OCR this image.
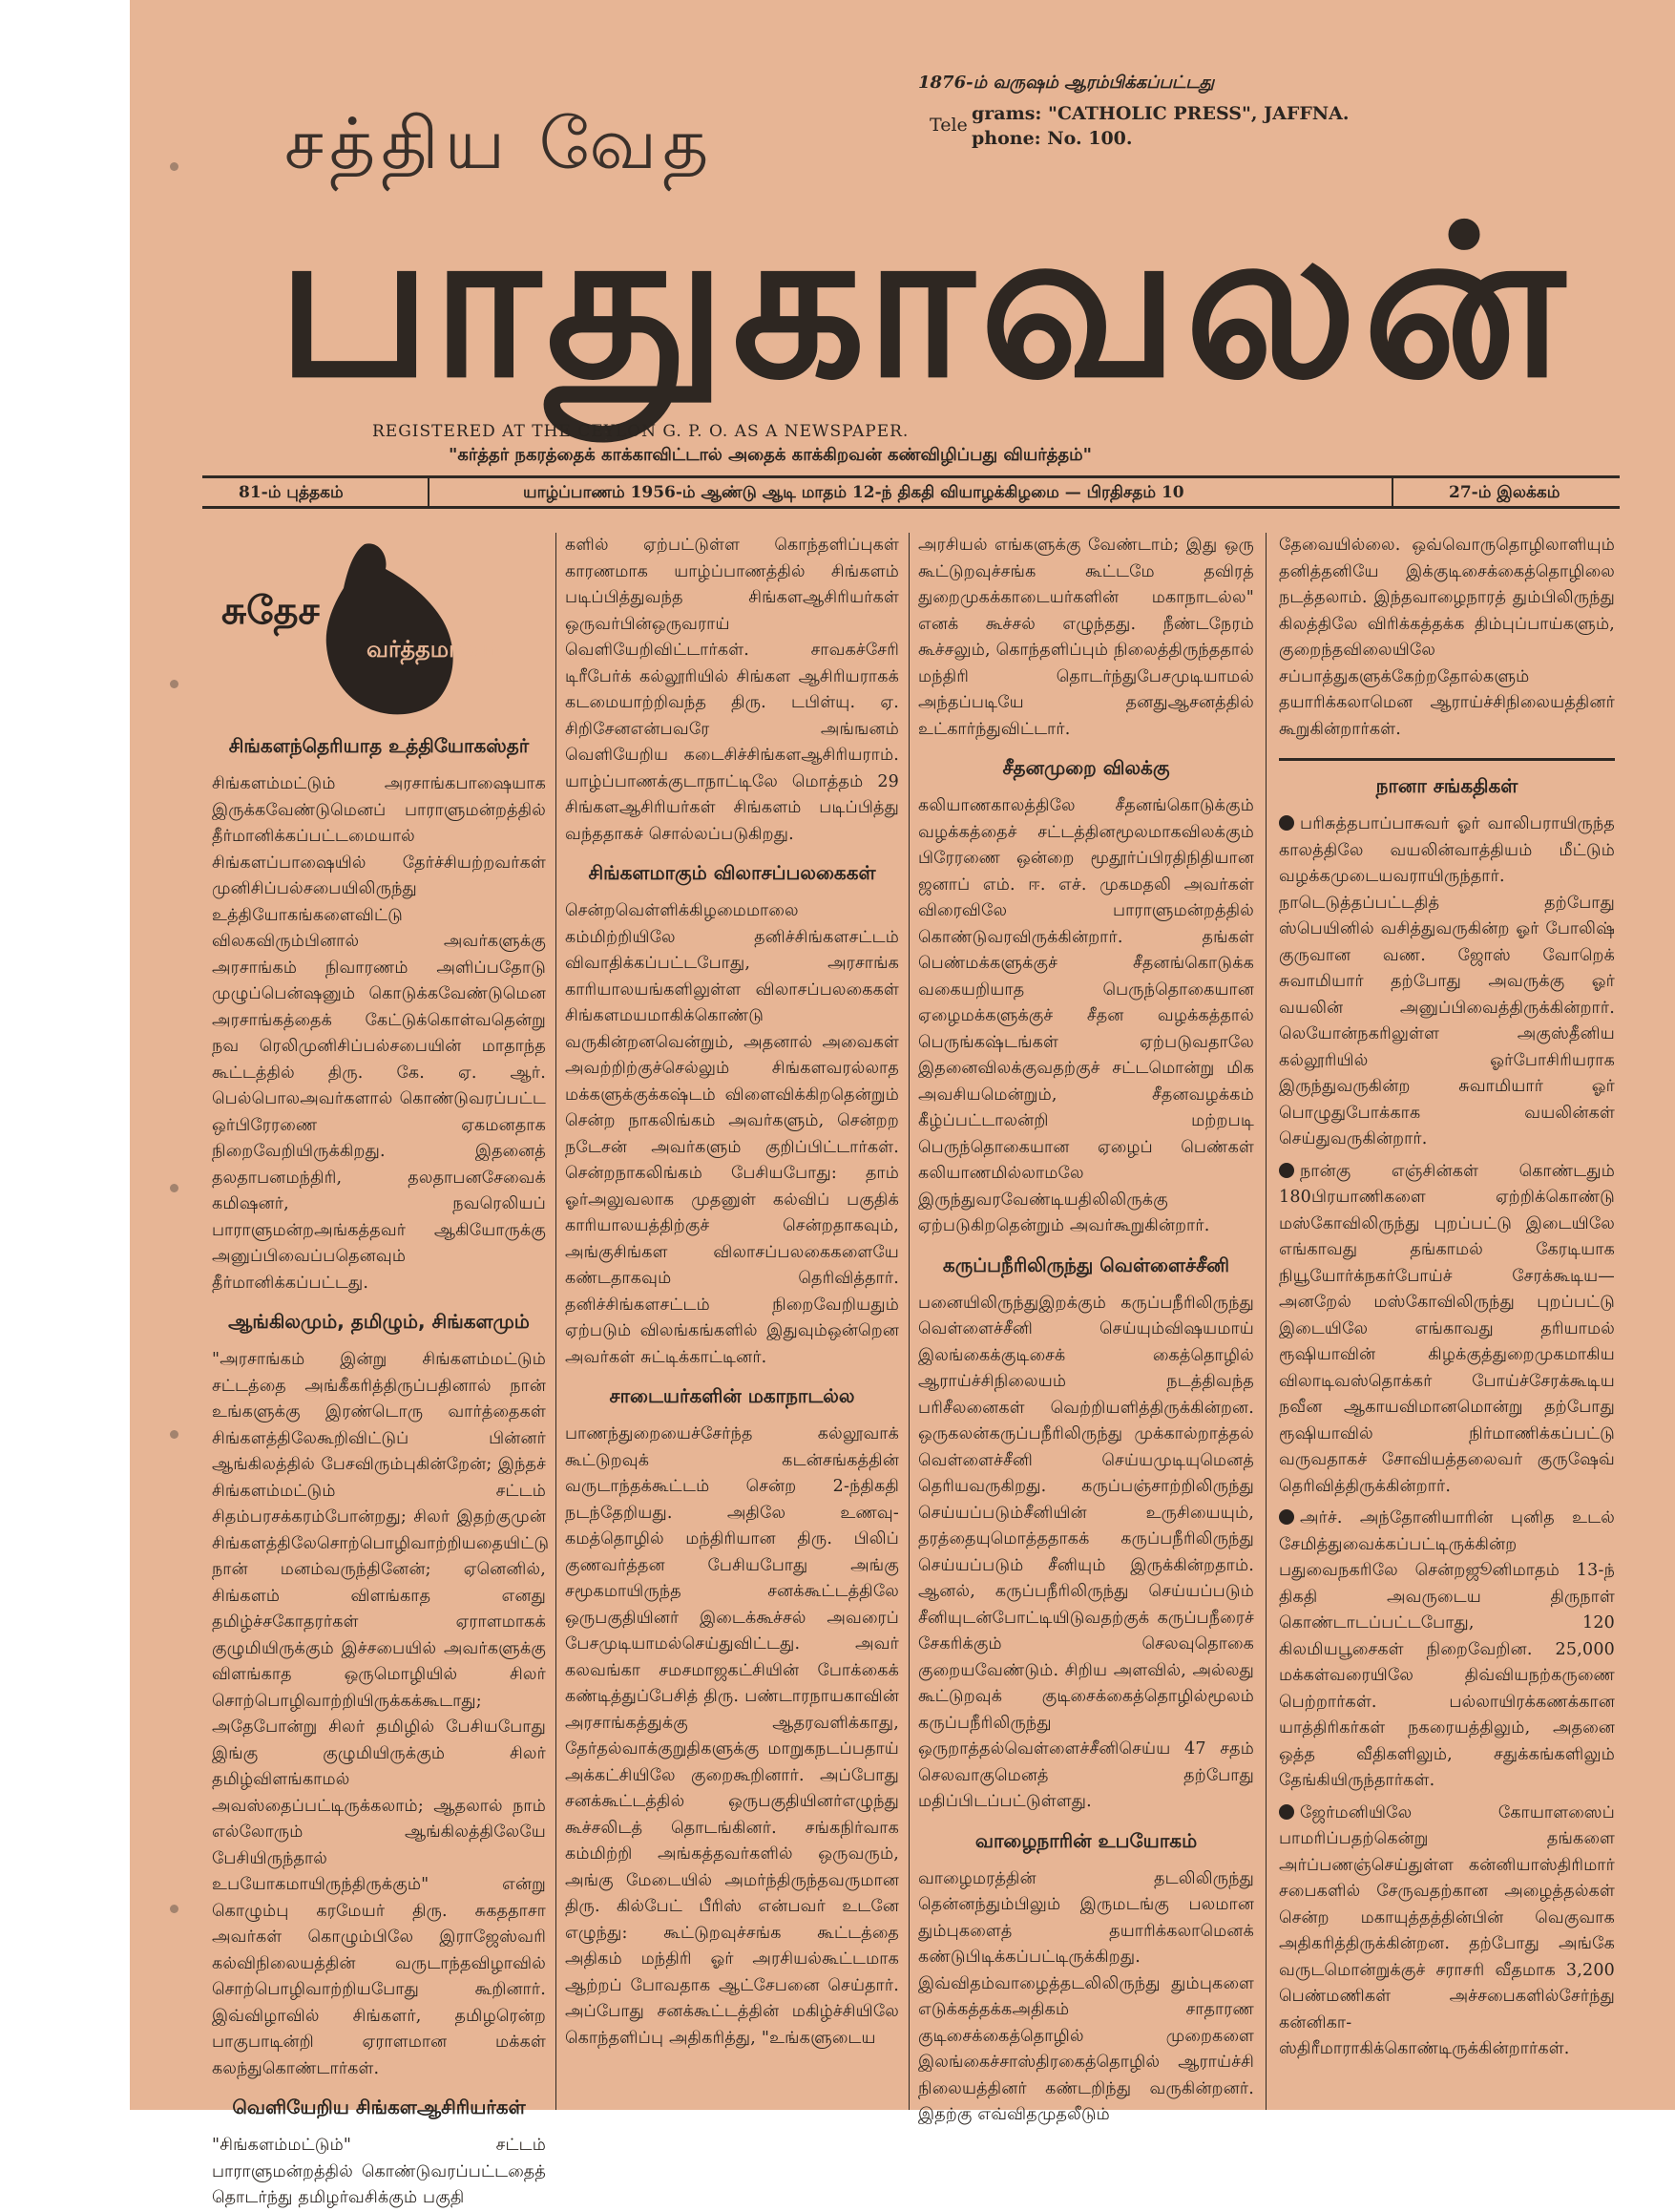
சத்திய வேத
பாதுகாவலன்
1876-ம் வருஷம் ஆரம்பிக்கப்பட்டது
Tele
grams: "CATHOLIC PRESS", JAFFNA.
phone: No. 100.
REGISTERED AT THE CEYLON G. P. O. AS A NEWSPAPER.
"கர்த்தர் நகரத்தைக் காக்காவிட்டால் அதைக் காக்கிறவன் கண்விழிப்பது வியர்த்தம்"
81-ம் புத்தகம்	யாழ்ப்பாணம் 1956-ம் ஆண்டு ஆடி மாதம் 12-ந் திகதி வியாழக்கிழமை — பிரதிசதம் 10	27-ம் இலக்கம்
சுதேச
வர்த்தமானம்
சிங்களந்தெரியாத உத்தியோகஸ்தர்

சிங்களம்மட்டும் அரசாங்கபாஷையாக இருக்கவேண்டுமெனப் பாராளுமன்றத்தில் தீர்மானிக்கப்பட்டமையால் சிங்களப்பாஷையில் தேர்ச்சியற்றவர்கள் முனிசிப்பல்சபையிலிருந்து உத்தியோகங்களைவிட்டு விலகவிரும்பினால் அவர்களுக்கு அரசாங்கம் நிவாரணம் அளிப்பதோடு முழுப்பென்ஷனும் கொடுக்கவேண்டுமென அரசாங்கத்தைக் கேட்டுக்கொள்வதென்று நவ ரெலிமுனிசிப்பல்சபையின் மாதாந்த கூட்டத்தில் திரு. கே. ஏ. ஆர். பெல்பொலஅவர்களால் கொண்டுவரப்பட்ட ஒர்பிரேரணை ஏகமனதாக நிறைவேறியிருக்கிறது. இதனைத் தலதாபனமந்திரி, தலதாபனசேவைக் கமிஷனர், நவரெலியப் பாராளுமன்றஅங்கத்தவர் ஆகியோருக்கு அனுப்பிவைப்பதெனவும் தீர்மானிக்கப்பட்டது.

ஆங்கிலமும், தமிழும், சிங்களமும்

"அரசாங்கம் இன்று சிங்களம்மட்டும் சட்டத்தை அங்கீகரித்திருப்பதினால் நான் உங்களுக்கு இரண்டொரு வார்த்தைகள் சிங்களத்திலேகூறிவிட்டுப் பின்னர் ஆங்கிலத்தில் பேசவிரும்புகின்றேன்; இந்தச் சிங்களம்மட்டும் சட்டம் சிதம்பரசக்கரம்போன்றது; சிலர் இதற்குமுன் சிங்களத்திலேசொற்பொழிவாற்றியதையிட்டு நான் மனம்வருந்தினேன்; ஏனெனில், சிங்களம் விளங்காத எனது தமிழ்ச்சகோதரர்கள் ஏராளமாகக் குழுமியிருக்கும் இச்சபையில் அவர்களுக்கு விளங்காத ஒருமொழியில் சிலர் சொற்பொழிவாற்றியிருக்கக்கூடாது; அதேபோன்று சிலர் தமிழில் பேசியபோது இங்கு குழுமியிருக்கும் சிலர் தமிழ்விளங்காமல் அவஸ்தைப்பட்டிருக்கலாம்; ஆதலால் நாம் எல்லோரும் ஆங்கிலத்திலேயே பேசியிருந்தால் உபயோகமாயிருந்திருக்கும்" என்று கொழும்பு கரமேயர் திரு. சுகததாசா அவர்கள் கொழும்பிலே இராஜேஸ்வரி கல்விநிலையத்தின் வருடாந்தவிழாவில் சொற்பொழிவாற்றியபோது கூறினார். இவ்விழாவில் சிங்களர், தமிழரென்ற பாகுபாடின்றி ஏராளமான மக்கள் கலந்துகொண்டார்கள்.

வெளியேறிய சிங்களஆசிரியர்கள்

"சிங்களம்மட்டும்" சட்டம் பாராளுமன்றத்தில் கொண்டுவரப்பட்டதைத் தொடர்ந்து தமிழர்வசிக்கும் பகுதி

களில் ஏற்பட்டுள்ள கொந்தளிப்புகள் காரணமாக யாழ்ப்பாணத்தில் சிங்களம் படிப்பித்துவந்த சிங்களஆசிரியர்கள் ஒருவர்பின்ஒருவராய் வெளியேறிவிட்டார்கள். சாவகச்சேரி டிரீபேர்க் கல்லூரியில் சிங்கள ஆசிரியராகக் கடமையாற்றிவந்த திரு. டபிள்யு. ஏ. சிறிசேனஎன்பவரே அங்ஙனம் வெளியேறிய கடைசிச்சிங்களஆசிரியராம். யாழ்ப்பாணக்குடாநாட்டிலே மொத்தம் 29 சிங்களஆசிரியர்கள் சிங்களம் படிப்பித்து வந்ததாகச் சொல்லப்படுகிறது.

சிங்களமாகும் விலாசப்பலகைகள்

சென்றவெள்ளிக்கிழமைமாலை கம்மிற்றியிலே தனிச்சிங்களசட்டம் விவாதிக்கப்பட்டபோது, அரசாங்க காரியாலயங்களிலுள்ள விலாசப்பலகைகள் சிங்களமயமாகிக்கொண்டு வருகின்றனவென்றும், அதனால் அவைகள் அவற்றிற்குச்செல்லும் சிங்களவரல்லாத மக்களுக்குக்கஷ்டம் விளைவிக்கிறதென்றும் சென்ற நாகலிங்கம் அவர்களும், சென்றற நடேசன் அவர்களும் குறிப்பிட்டார்கள். சென்றநாகலிங்கம் பேசியபோது: தாம் ஓர்அலுவலாக முதனுள் கல்விப் பகுதிக் காரியாலயத்திற்குச் சென்றதாகவும், அங்குசிங்கள விலாசப்பலகைகளையே கண்டதாகவும் தெரிவித்தார். தனிச்சிங்களசட்டம் நிறைவேறியதும் ஏற்படும் விலங்கங்களில் இதுவும்ஒன்றென அவர்கள் சுட்டிக்காட்டினர்.

சாடையர்களின் மகாநாடல்ல

பாணந்துறையைச்சேர்ந்த கல்லூவாக் கூட்டுறவுக் கடன்சங்கத்தின் வருடாந்தக்கூட்டம் சென்ற 2-ந்திகதி நடந்தேறியது. அதிலே உணவு-கமத்தொழில் மந்திரியான திரு. பிலிப் குணவர்த்தன பேசியபோது அங்கு சமூகமாயிருந்த சனக்கூட்டத்திலே ஒருபகுதியினர் இடைக்கூச்சல் அவரைப் பேசமுடியாமல்செய்துவிட்டது. அவர் கலவங்கா சமசமாஜகட்சியின் போக்கைக் கண்டித்துப்பேசித் திரு. பண்டாரநாயகாவின் அரசாங்கத்துக்கு ஆதரவளிக்காது, தேர்தல்வாக்குறுதிகளுக்கு மாறுகநடப்பதாய் அக்கட்சியிலே குறைகூறினார். அப்போது சனக்கூட்டத்தில் ஒருபகுதியினர்எழுந்து கூச்சலிடத் தொடங்கினர். சங்கநிர்வாக கம்மிற்றி அங்கத்தவர்களில் ஒருவரும், அங்கு மேடையில் அமர்ந்திருந்தவருமான திரு. கில்பேட் பீரிஸ் என்பவர் உடனே எழுந்து: கூட்டுறவுச்சங்க கூட்டத்தை அதிகம் மந்திரி ஓர் அரசியல்கூட்டமாக ஆற்றப் போவதாக ஆட்சேபனை செய்தார். அப்போது சனக்கூட்டத்தின் மகிழ்ச்சியிலே கொந்தளிப்பு அதிகரித்து, "உங்களுடைய

அரசியல் எங்களுக்கு வேண்டாம்; இது ஒரு கூட்டுறவுச்சங்க கூட்டமே தவிரத் துறைமுகக்காடையர்களின் மகாநாடல்ல" எனக் கூச்சல் எழுந்தது. நீண்டநேரம் கூச்சலும், கொந்தளிப்பும் நிலைத்திருந்ததால் மந்திரி தொடர்ந்துபேசமுடியாமல் அந்தப்படியே தனதுஆசனத்தில் உட்கார்ந்துவிட்டார்.

சீதனமுறை விலக்கு

கலியாணகாலத்திலே சீதனங்கொடுக்கும் வழக்கத்தைச் சட்டத்தினமூலமாகவிலக்கும் பிரேரணை ஒன்றை மூதூர்ப்பிரதிநிதியான ஜனாப் எம். ஈ. எச். முகமதலி அவர்கள் விரைவிலே பாராளுமன்றத்தில் கொண்டுவரவிருக்கின்றார். தங்கள் பெண்மக்களுக்குச் சீதனங்கொடுக்க வகையறியாத பெருந்தொகையான ஏழைமக்களுக்குச் சீதன வழக்கத்தால் பெருங்கஷ்டங்கள் ஏற்படுவதாலே இதனைவிலக்குவதற்குச் சட்டமொன்று மிக அவசியமென்றும், சீதனவழக்கம் கீழ்ப்பட்டாலன்றி மற்றபடி பெருந்தொகையான ஏழைப் பெண்கள் கலியாணமில்லாமலே இருந்துவரவேண்டியதிலிலிருக்கு ஏற்படுகிறதென்றும் அவர்கூறுகின்றார்.

கருப்பநீரிலிருந்து வெள்ளைச்சீனி

பனையிலிருந்துஇறக்கும் கருப்பநீரிலிருந்து வெள்ளைச்சீனி செய்யும்விஷயமாய் இலங்கைக்குடிசைக் கைத்தொழில் ஆராய்ச்சிநிலையம் நடத்திவந்த பரிசீலனைகள் வெற்றியளித்திருக்கின்றன. ஒருகலன்கருப்பநீரிலிருந்து முக்கால்றாத்தல் வெள்ளைச்சீனி செய்யமுடியுமெனத் தெரியவருகிறது. கருப்பஞ்சாற்றிலிருந்து செய்யப்படும்சீனியின் உருசியையும், தரத்தையுமொத்ததாகக் கருப்பநீரிலிருந்து செய்யப்படும் சீனியும் இருக்கின்றதாம். ஆனல், கருப்பநீரிலிருந்து செய்யப்படும் சீனியுடன்போட்டியிடுவதற்குக் கருப்பநீரைச் சேகரிக்கும் செலவுதொகை குறையவேண்டும். சிறிய அளவில், அல்லது கூட்டுறவுக் குடிசைக்கைத்தொழில்மூலம் கருப்பநீரிலிருந்து ஒருறாத்தல்வெள்ளைச்சீனிசெய்ய 47 சதம் செலவாகுமெனத் தற்போது மதிப்பிடப்பட்டுள்ளது.

வாழைநாரின் உபயோகம்

வாழைமரத்தின் தடலிலிருந்து தென்னந்தும்பிலும் இருமடங்கு பலமான தும்புகளைத் தயாரிக்கலாமெனக் கண்டுபிடிக்கப்பட்டிருக்கிறது. இவ்விதம்வாழைத்தடலிலிருந்து தும்புகளை எடுக்கத்தக்கஅதிகம் சாதாரண குடிசைக்கைத்தொழில் முறைகளை இலங்கைச்சாஸ்திரகைத்தொழில் ஆராய்ச்சி நிலையத்தினர் கண்டறிந்து வருகின்றனர். இதற்கு எவ்விதமுதலீடும்

தேவையில்லை. ஒவ்வொருதொழிலாளியும் தனித்தனியே இக்குடிசைக்கைத்தொழிலை நடத்தலாம். இந்தவாழைநாரத் தும்பிலிருந்து கிலத்திலே விரிக்கத்தக்க திம்புப்பாய்களும், குறைந்தவிலையிலே சப்பாத்துகளுக்கேற்றதோல்களும் தயாரிக்கலாமென ஆராய்ச்சிநிலையத்தினர் கூறுகின்றார்கள்.

நானா சங்கதிகள்

பரிசுத்தபாப்பாசுவர் ஓர் வாலிபராயிருந்த காலத்திலே வயலின்வாத்தியம் மீட்டும் வழக்கமுடையவராயிருந்தார். நாடெடுத்தப்பட்டதித் தற்போது ஸ்பெயினில் வசித்துவருகின்ற ஓர் போலிஷ் குருவான வண. ஜோஸ் வோறெக் சுவாமியார் தற்போது அவருக்கு ஓர் வயலின் அனுப்பிவைத்திருக்கின்றார். லெயோன்நகரிலுள்ள அகுஸ்தீனிய கல்லூரியில் ஓர்போசிரியராக இருந்துவருகின்ற சுவாமியார் ஓர் பொழுதுபோக்காக வயலின்கள் செய்துவருகின்றார்.

நான்கு எஞ்சின்கள் கொண்டதும் 180பிரயாணிகளை ஏற்றிக்கொண்டு மஸ்கோவிலிருந்து புறப்பட்டு இடையிலே எங்காவது தங்காமல் கேரடியாக நியூயோர்க்நகர்போய்ச் சேரக்கூடிய—அனறேல் மஸ்கோவிலிருந்து புறப்பட்டு இடையிலே எங்காவது தரியாமல் ரூஷியாவின் கிழக்குத்துறைமுகமாகிய விலாடிவஸ்தொக்கர் போய்ச்சேரக்கூடிய நவீன ஆகாயவிமானமொன்று தற்போது ரூஷியாவில் நிர்மாணிக்கப்பட்டு வருவதாகச் சோவியத்தலைவர் குருஷேவ் தெரிவித்திருக்கின்றார்.

அர்ச். அந்தோனியாரின் புனித உடல் சேமித்துவைக்கப்பட்டிருக்கின்ற பதுவைநகரிலே சென்றஜூனிமாதம் 13-ந் திகதி அவருடைய திருநாள் கொண்டாடப்பட்டபோது, 120 கிலமியபூசைகள் நிறைவேறின. 25,000 மக்கள்வரையிலே திவ்வியநற்கருணை பெற்றார்கள். பல்லாயிரக்கணக்கான யாத்திரிகர்கள் நகரையத்திலும், அதனை ஒத்த வீதிகளிலும், சதுக்கங்களிலும் தேங்கியிருந்தார்கள்.

ஜேர்மனியிலே கோயாளஸைப் பாமரிப்பதற்கென்று தங்களை அர்ப்பணஞ்செய்துள்ள கன்னியாஸ்திரிமார் சபைகளில் சேருவதற்கான அழைத்தல்கள் சென்ற மகாயுத்தத்தின்பின் வெகுவாக அதிகரித்திருக்கின்றன. தற்போது அங்கே வருடமொன்றுக்குச் சராசரி வீதமாக 3,200 பெண்மணிகள் அச்சபைகளில்சேர்ந்து கன்னிகா-ஸ்திரீமாராகிக்கொண்டிருக்கின்றார்கள்.
